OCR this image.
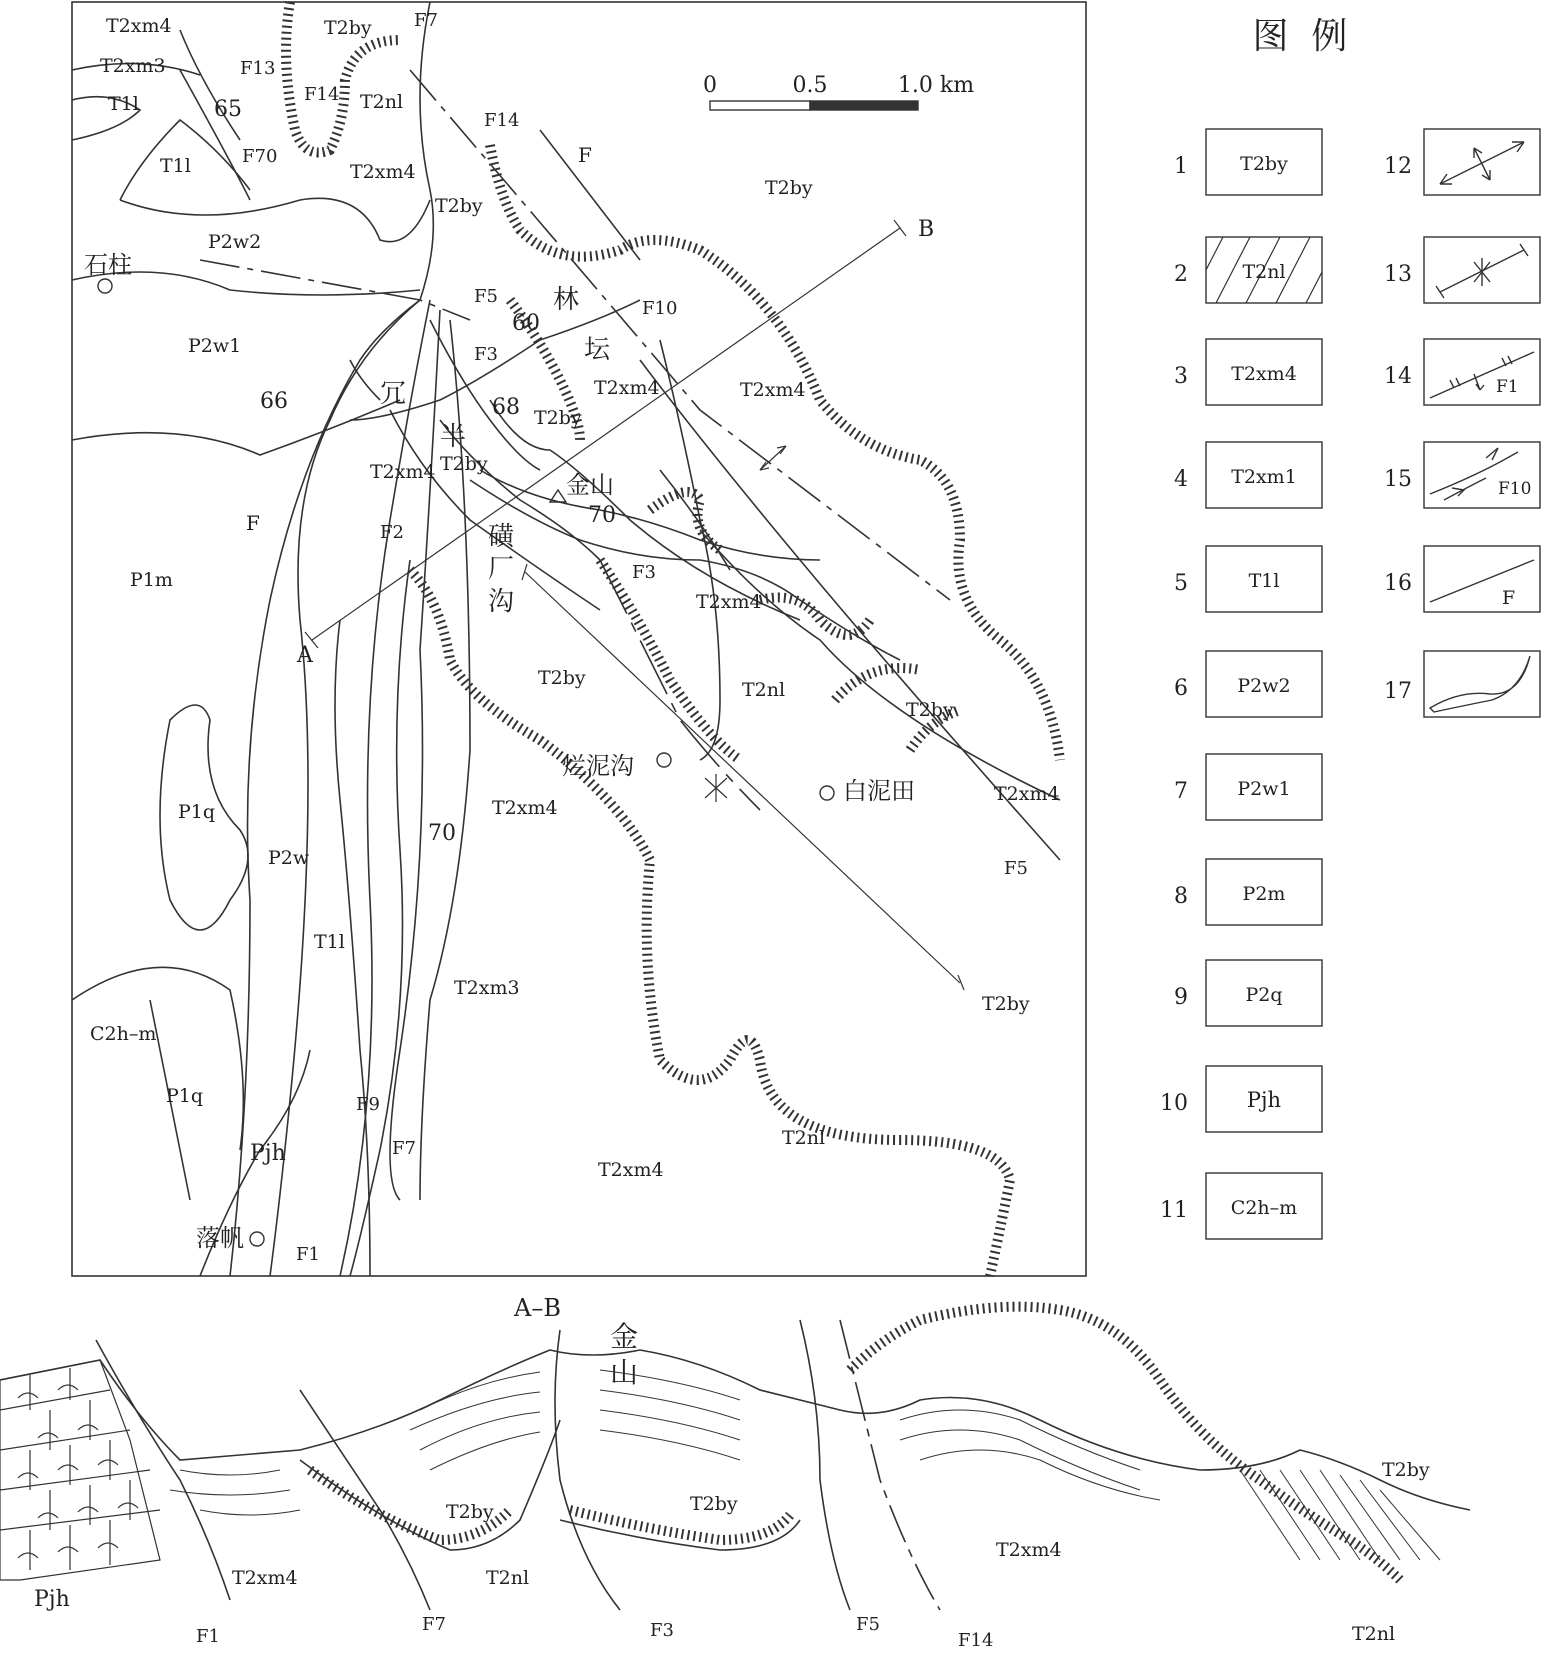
0	0.5	1.0 km
石柱
金山
落帆
白泥田
烂泥沟
林
坛
冗
半
磺
厂
沟
A
B
T2xm4
T2xm3
T2by
T1l
T1l
T2nl
T2xm4
T2by
T2by
P2w2
P2w1
T2xm4	T2xm4
T2by
T2xm4 T2by
P1m
T2xm4
T2by
T2nl
T2by
P1q
P2w
T2xm4
T2xm4
T1l
T2xm3
T2by
C2h–m
P1q
Pjh
T2xm4
T2nl
F7
F13
F14
F14
F
F70
F5
F10
F3
F	F2
F3
F5
F9
F7
F1
65
60
68
66
70
70
图  例
1	T2by
2	T2nl
3 T2xm4
4 T2xm1
5	T1l
6	P2w2
7	P2w1
8	P2m
9	P2q
10	Pjh
11 C2h–m
12
13
14	F1
15	F10
16
F
17
A–B
金
山
Pjh
T2by	T2by
T2by
T2xm4	T2nl
T2xm4
T2nl
F1
F7	F3	F5
F14
